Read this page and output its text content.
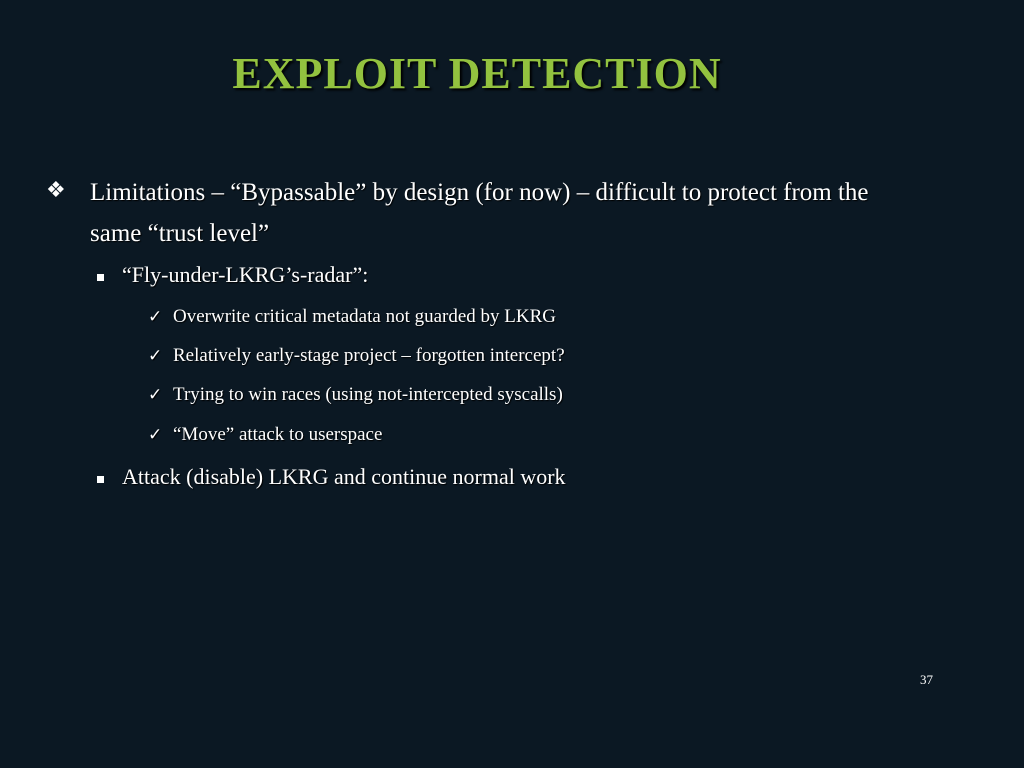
EXPLOIT DETECTION
❖ Limitations – “Bypassable” by design (for now) – difficult to protect from the same “trust level”
“Fly-under-LKRG’s-radar”:
✓ Overwrite critical metadata not guarded by LKRG
✓ Relatively early-stage project – forgotten intercept?
✓ Trying to win races (using not-intercepted syscalls)
✓ “Move” attack to userspace
Attack (disable) LKRG and continue normal work
37
